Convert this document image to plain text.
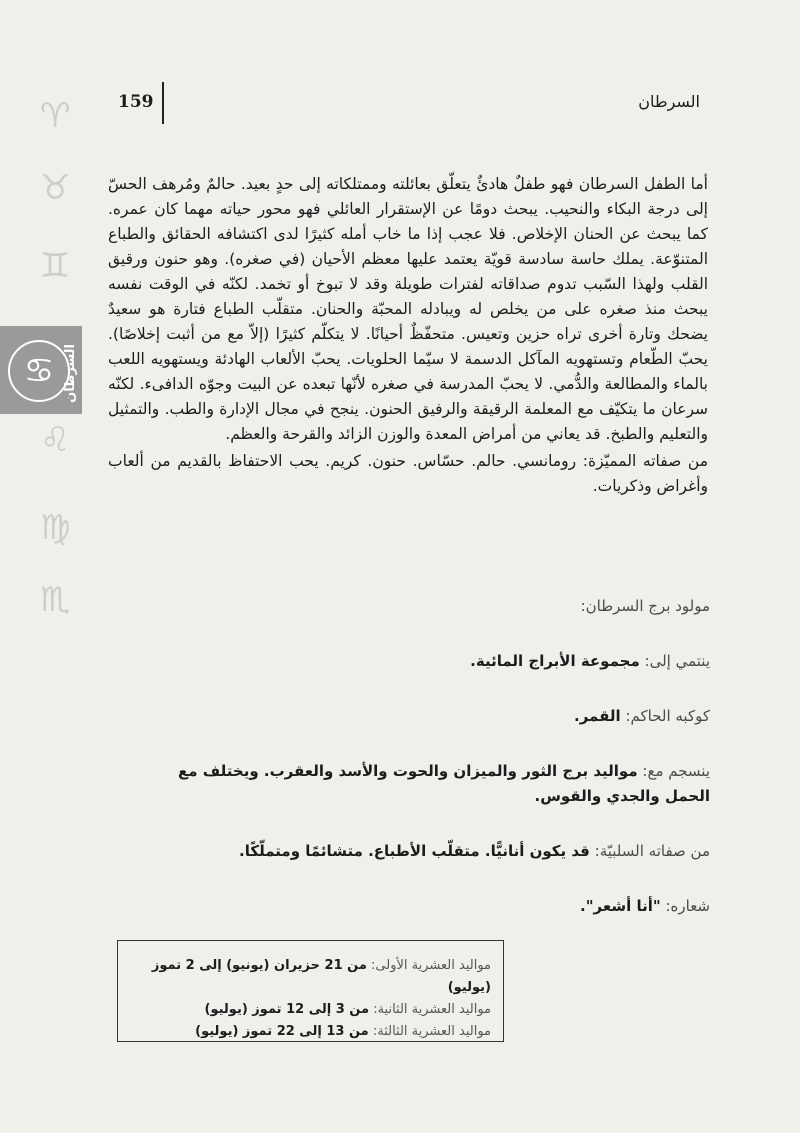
159	السرطان
♈
♉
♊
♌
♍
♏
♋ السرطان

أما الطفل السرطان فهو طفلٌ هادئٌ يتعلّق بعائلته وممتلكاته إلى حدٍ بعيد. حالمٌ ومُرهف الحسّ إلى درجة البكاء والنحيب. يبحث دومًا عن الإستقرار العائلي فهو محور حياته مهما كان عمره. كما يبحث عن الحنان الإخلاص. فلا عجب إذا ما خاب أمله كثيرًا لدى اكتشافه الحقائق والطباع المتنوّعة. يملك حاسة سادسة قويّة يعتمد عليها معظم الأحيان (في صغره). وهو حنون ورقيق القلب ولهذا السّبب تدوم صداقاته لفترات طويلة وقد لا تبوخ أو تخمد. لكنّه في الوقت نفسه يبحث منذ صغره على من يخلص له ويبادله المحبّة والحنان. متقلّب الطباع فتارة هو سعيدٌ يضحك وتارة أخرى تراه حزين وتعيس. متحفّظٌ أحيانًا. لا يتكلّم كثيرًا (إلاّ مع من أثبت إخلاصًا). يحبّ الطّعام وتستهويه المآكل الدسمة لا سيّما الحلويات. يحبّ الألعاب الهادئة ويستهويه اللعب بالماء والمطالعة والدُّمي. لا يحبّ المدرسة في صغره لأنّها تبعده عن البيت وجوّه الدافىء. لكنّه سرعان ما يتكيّف مع المعلمة الرقيقة والرفيق الحنون. ينجح في مجال الإدارة والطب. والتمثيل والتعليم والطبخ. قد يعاني من أمراض المعدة والوزن الزائد والقرحة والعظم.

من صفاته المميّزة: رومانسي. حالم. حسّاس. حنون. كريم. يحب الاحتفاظ بالقديم من ألعاب وأغراض وذكريات.

مولود برج السرطان:

ينتمي إلى: مجموعة الأبراج المائية.

كوكبه الحاكم: القمر.

ينسجم مع: مواليد برج الثور والميزان والحوت والأسد والعقرب. ويختلف مع الحمل والجدي والقوس.

من صفاته السلبيّة: قد يكون أنانيًّا. متقلّب الأطباع. متشائمًا ومتملّكًا.

شعاره: "أنا أشعر".

مواليد العشرية الأولى: من 21 حزيران (يونيو) إلى 2 تموز (يوليو)
مواليد العشرية الثانية: من 3 إلى 12 تموز (يوليو)
مواليد العشرية الثالثة: من 13 إلى 22 تموز (يوليو)
